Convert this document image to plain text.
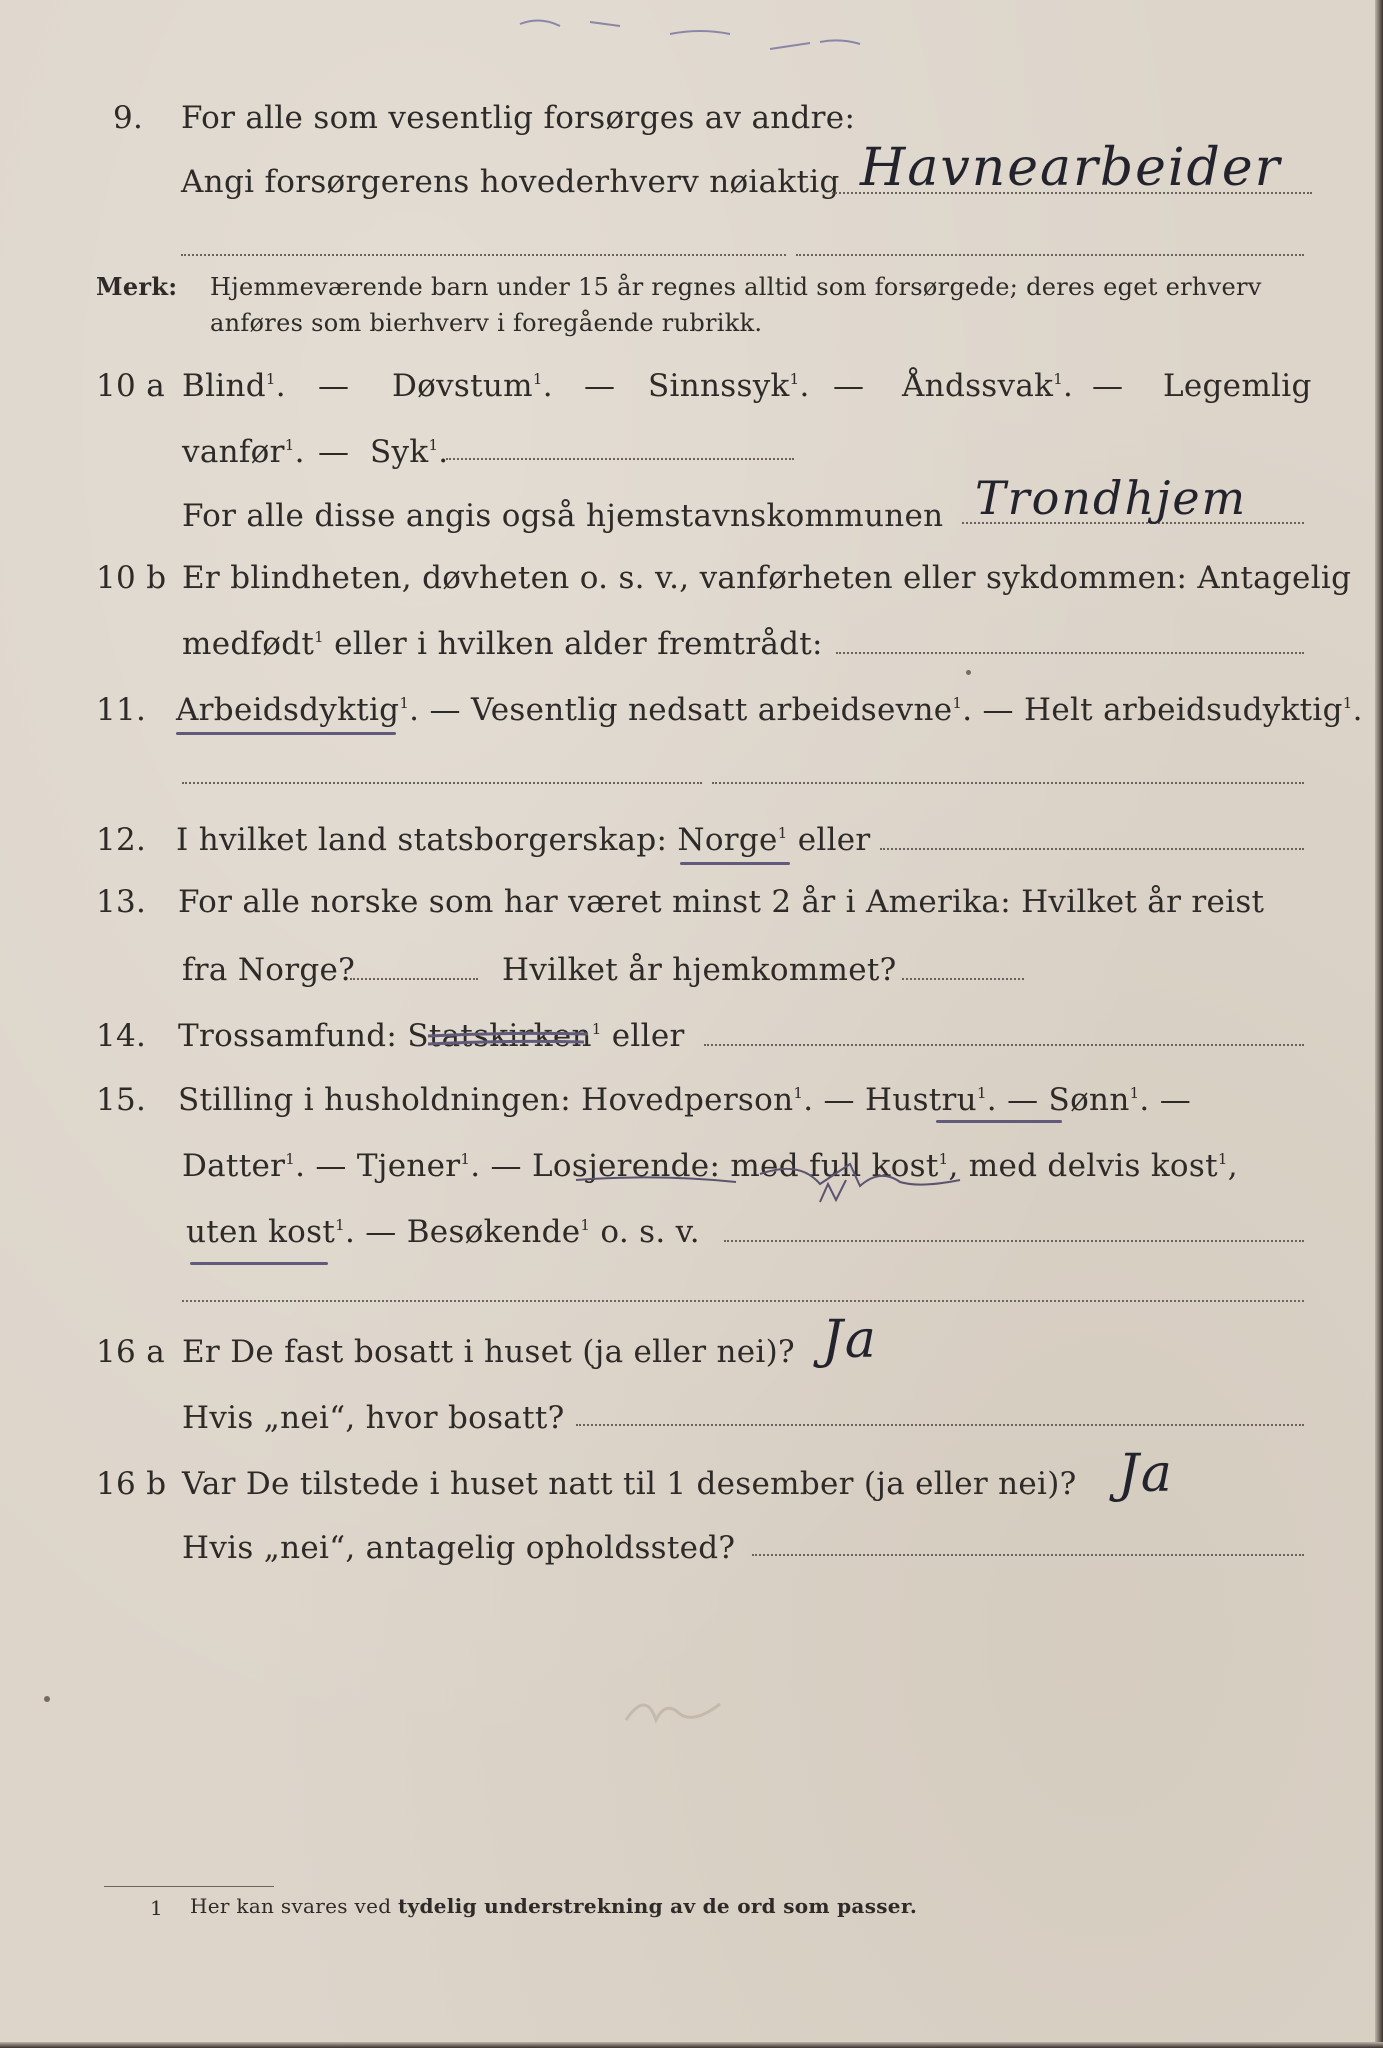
9. For alle som vesentlig forsørges av andre:
Angi forsørgerens hovederhverv nøiaktig Havnearbeider
Merk: Hjemmeværende barn under 15 år regnes alltid som forsørgede; deres eget erhverv
anføres som bierhverv i foregående rubrikk.
10 a Blind$^1$. — Døvstum$^1$. — Sinnssyk$^1$. — Åndssvak$^1$. — Legemlig
vanfør$^1$. — Syk$^1$.
For alle disse angis også hjemstavnskommunen Trondhjem
10 b Er blindheten, døvheten o. s. v., vanførheten eller sykdommen: Antagelig
medfødt$^1$ eller i hvilken alder fremtrådt:
11. Arbeidsdyktig$^1$. — Vesentlig nedsatt arbeidsevne$^1$. — Helt arbeidsudyktig$^1$.
12. I hvilket land statsborgerskap: Norge$^1$ eller
13. For alle norske som har været minst 2 år i Amerika: Hvilket år reist
fra Norge?	Hvilket år hjemkommet?
14. Trossamfund: Statskirken$^1$ eller
15. Stilling i husholdningen: Hovedperson$^1$. — Hustru$^1$. — Sønn$^1$. —
Datter$^1$. — Tjener$^1$. — Losjerende: med full kost$^1$, med delvis kost$^1$,
uten kost$^1$. — Besøkende$^1$ o. s. v.
16 a Er De fast bosatt i huset (ja eller nei)? Ja
Hvis „nei“, hvor bosatt?
16 b Var De tilstede i huset natt til 1 desember (ja eller nei)? Ja
Hvis „nei“, antagelig opholdssted?
1 Her kan svares ved tydelig understrekning av de ord som passer.
